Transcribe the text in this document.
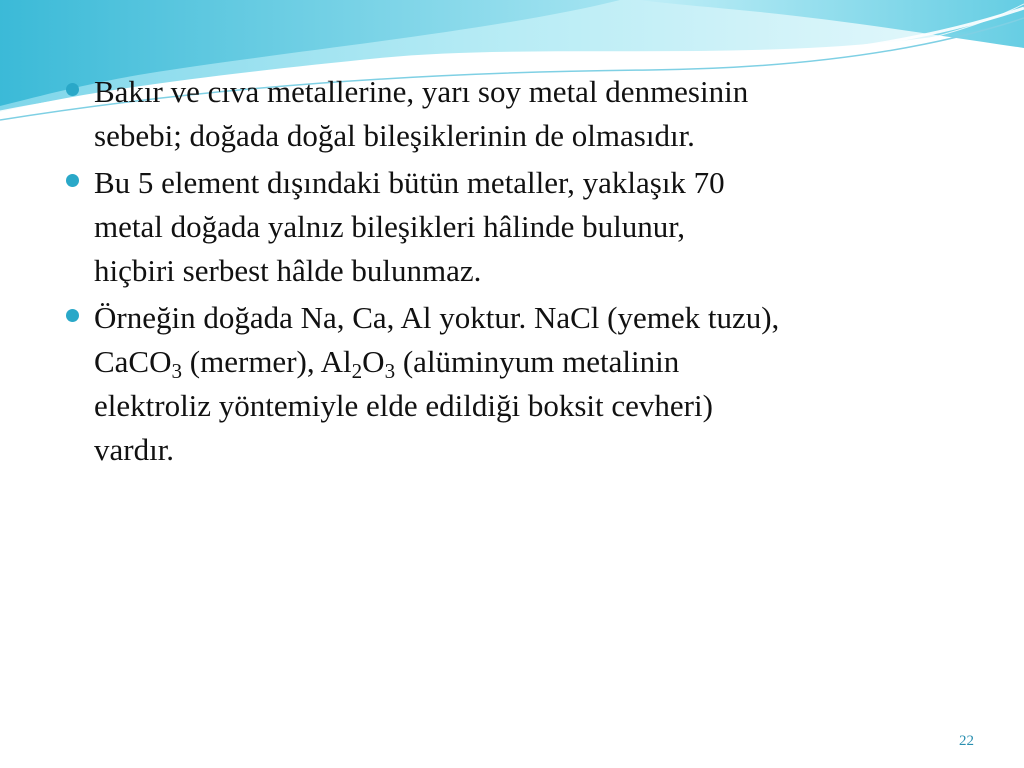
Bakır ve cıva metallerine, yarı soy metal denmesinin
sebebi; doğada doğal bileşiklerinin de olmasıdır.
Bu 5 element dışındaki bütün metaller, yaklaşık 70
metal doğada yalnız bileşikleri hâlinde bulunur,
hiçbiri serbest hâlde bulunmaz.
Örneğin doğada Na, Ca, Al yoktur. NaCl (yemek tuzu),
CaCO$_3$ (mermer), $Al_2O_3$ (alüminyum metalinin
elektroliz yöntemiyle elde edildiği boksit cevheri)
vardır.
22
